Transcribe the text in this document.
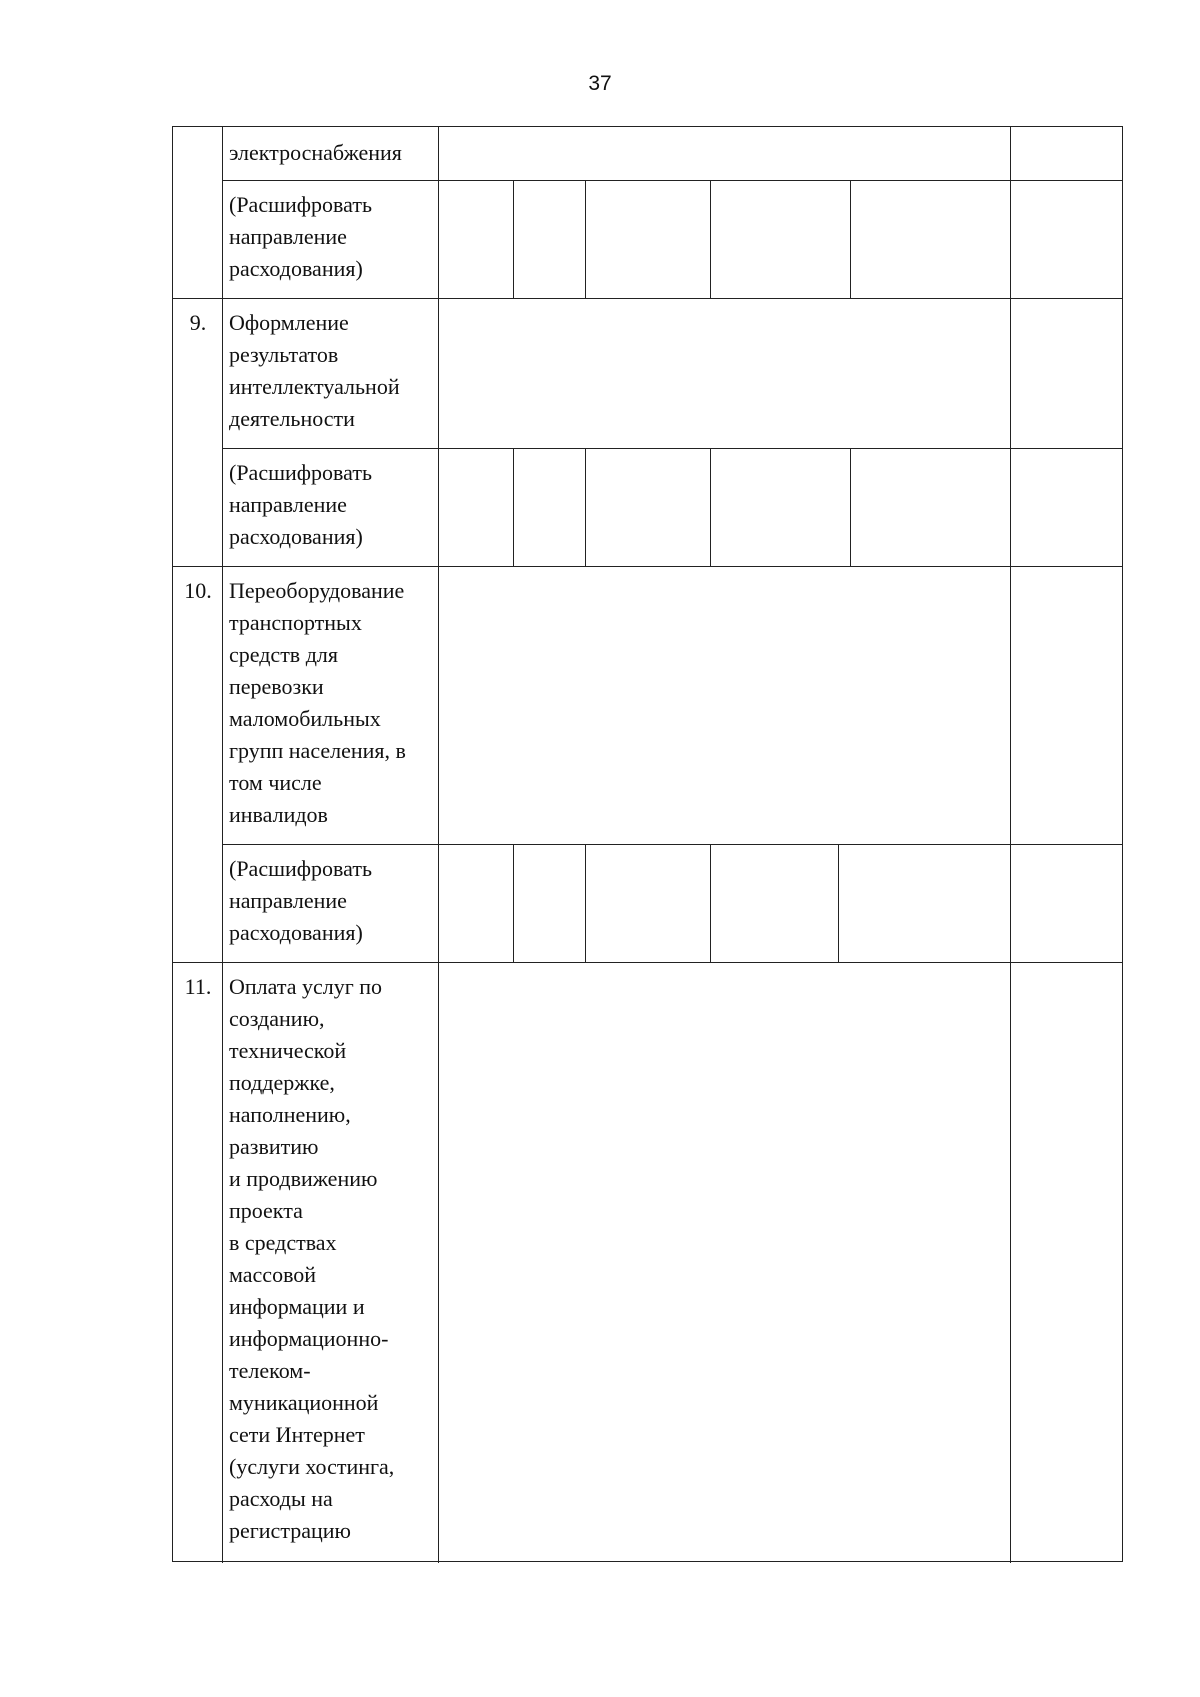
37
электроснабжения
(Расшифровать
направление
расходования)
9.	Оформление
результатов
интеллектуальной
деятельности
(Расшифровать
направление
расходования)
10. Переоборудование
транспортных
средств для
перевозки
маломобильных
групп населения, в
том числе
инвалидов
(Расшифровать
направление
расходования)
11. Оплата услуг по
созданию,
технической
поддержке,
наполнению,
развитию
и продвижению
проекта
в средствах
массовой
информации и
информационно-
телеком-
муникационной
сети Интернет
(услуги хостинга,
расходы на
регистрацию
